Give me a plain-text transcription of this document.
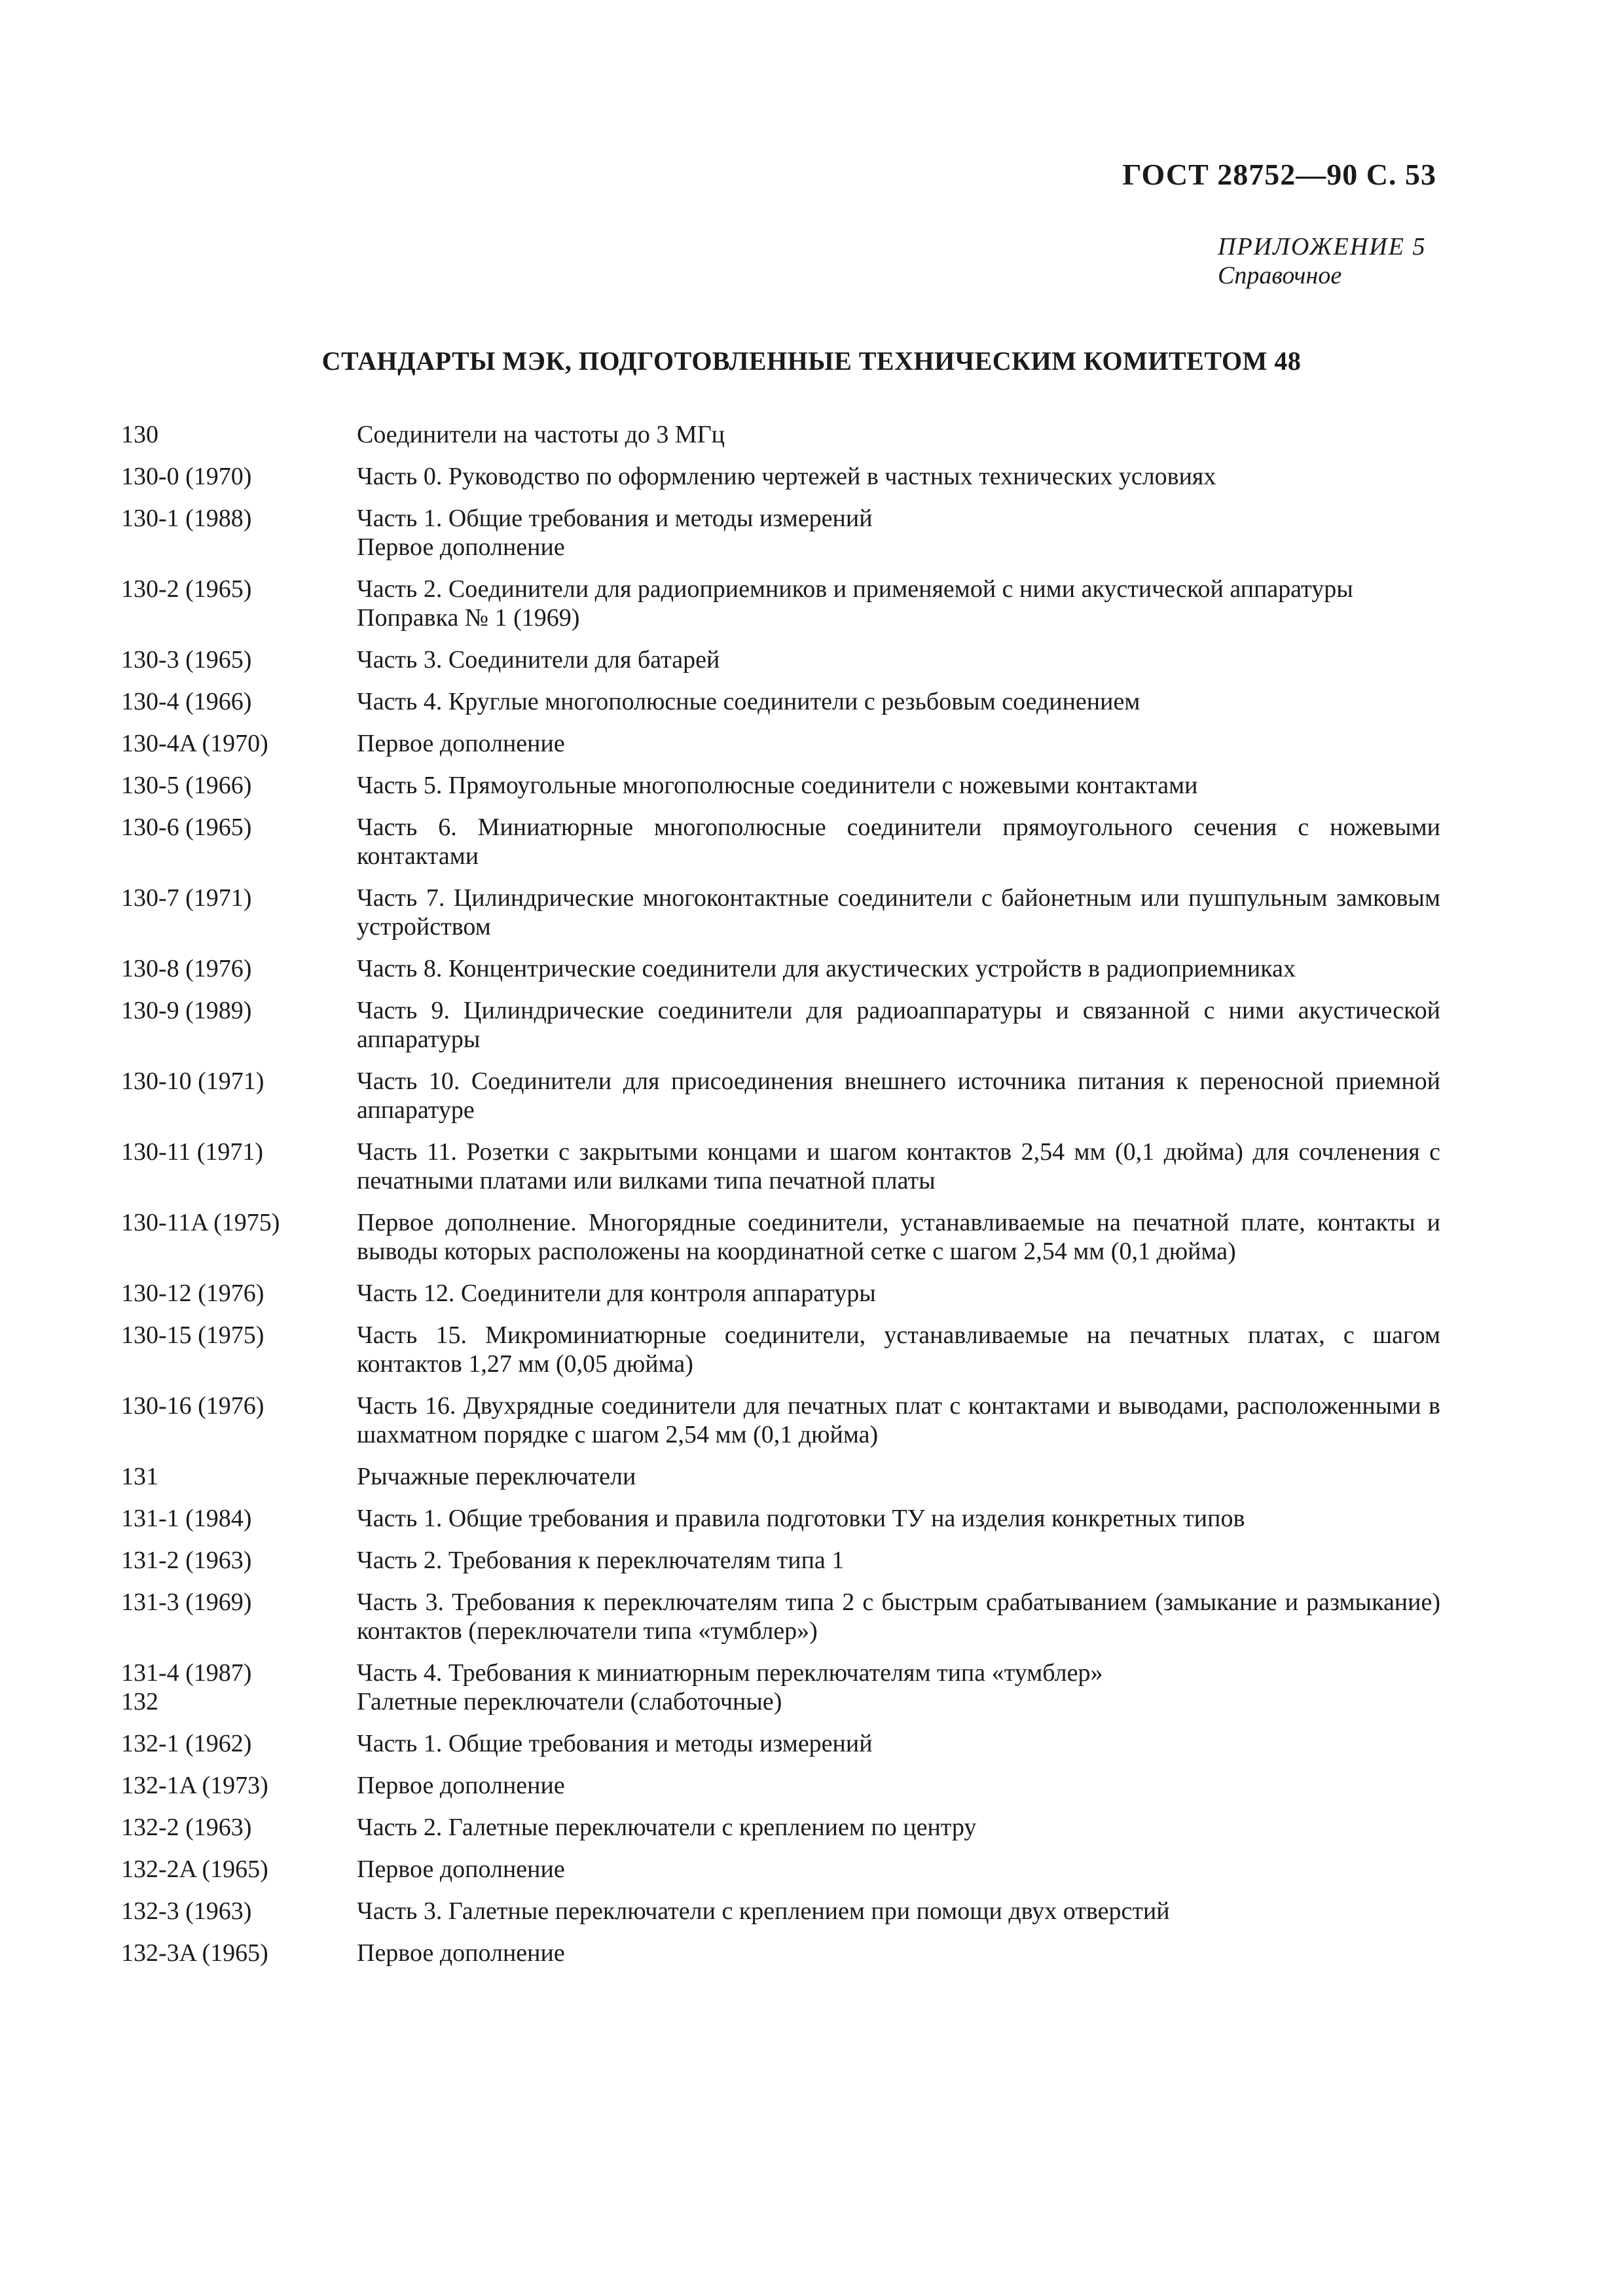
ГОСТ 28752—90 С. 53
ПРИЛОЖЕНИЕ 5
Справочное
СТАНДАРТЫ МЭК, ПОДГОТОВЛЕННЫЕ ТЕХНИЧЕСКИМ КОМИТЕТОМ 48
130	Соединители на частоты до 3 МГц
130-0 (1970)	Часть 0. Руководство по оформлению чертежей в частных технических условиях
130-1 (1988)	Часть 1. Общие требования и методы измерений
Первое дополнение
130-2 (1965)	Часть 2. Соединители для радиоприемников и применяемой с ними акустической аппаратуры
Поправка № 1 (1969)
130-3 (1965)	Часть 3. Соединители для батарей
130-4 (1966)	Часть 4. Круглые многополюсные соединители с резьбовым соединением
130-4A (1970)	Первое дополнение
130-5 (1966)	Часть 5. Прямоугольные многополюсные соединители с ножевыми контактами
130-6 (1965)	Часть 6. Миниатюрные многополюсные соединители прямоугольного сечения с ножевыми контактами
130-7 (1971)	Часть 7. Цилиндрические многоконтактные соединители с байонетным или пушпульным замковым устройством
130-8 (1976)	Часть 8. Концентрические соединители для акустических устройств в радиоприемниках
130-9 (1989)	Часть 9. Цилиндрические соединители для радиоаппаратуры и связанной с ними акустической аппаратуры
130-10 (1971)	Часть 10. Соединители для присоединения внешнего источника питания к переносной приемной аппаратуре
130-11 (1971)	Часть 11. Розетки с закрытыми концами и шагом контактов 2,54 мм (0,1 дюйма) для сочленения с печатными платами или вилками типа печатной платы
130-11A (1975)	Первое дополнение. Многорядные соединители, устанавливаемые на печатной плате, контакты и выводы которых расположены на координатной сетке с шагом 2,54 мм (0,1 дюйма)
130-12 (1976)	Часть 12. Соединители для контроля аппаратуры
130-15 (1975)	Часть 15. Микроминиатюрные соединители, устанавливаемые на печатных платах, с шагом контактов 1,27 мм (0,05 дюйма)
130-16 (1976)	Часть 16. Двухрядные соединители для печатных плат с контактами и выводами, расположенными в шахматном порядке с шагом 2,54 мм (0,1 дюйма)
131	Рычажные переключатели
131-1 (1984)	Часть 1. Общие требования и правила подготовки ТУ на изделия конкретных типов
131-2 (1963)	Часть 2. Требования к переключателям типа 1
131-3 (1969)	Часть 3. Требования к переключателям типа 2 с быстрым срабатыванием (замыкание и размыкание) контактов (переключатели типа «тумблер»)
131-4 (1987)	Часть 4. Требования к миниатюрным переключателям типа «тумблер»
132	Галетные переключатели (слаботочные)
132-1 (1962)	Часть 1. Общие требования и методы измерений
132-1A (1973)	Первое дополнение
132-2 (1963)	Часть 2. Галетные переключатели с креплением по центру
132-2A (1965)	Первое дополнение
132-3 (1963)	Часть 3. Галетные переключатели с креплением при помощи двух отверстий
132-3A (1965)	Первое дополнение
